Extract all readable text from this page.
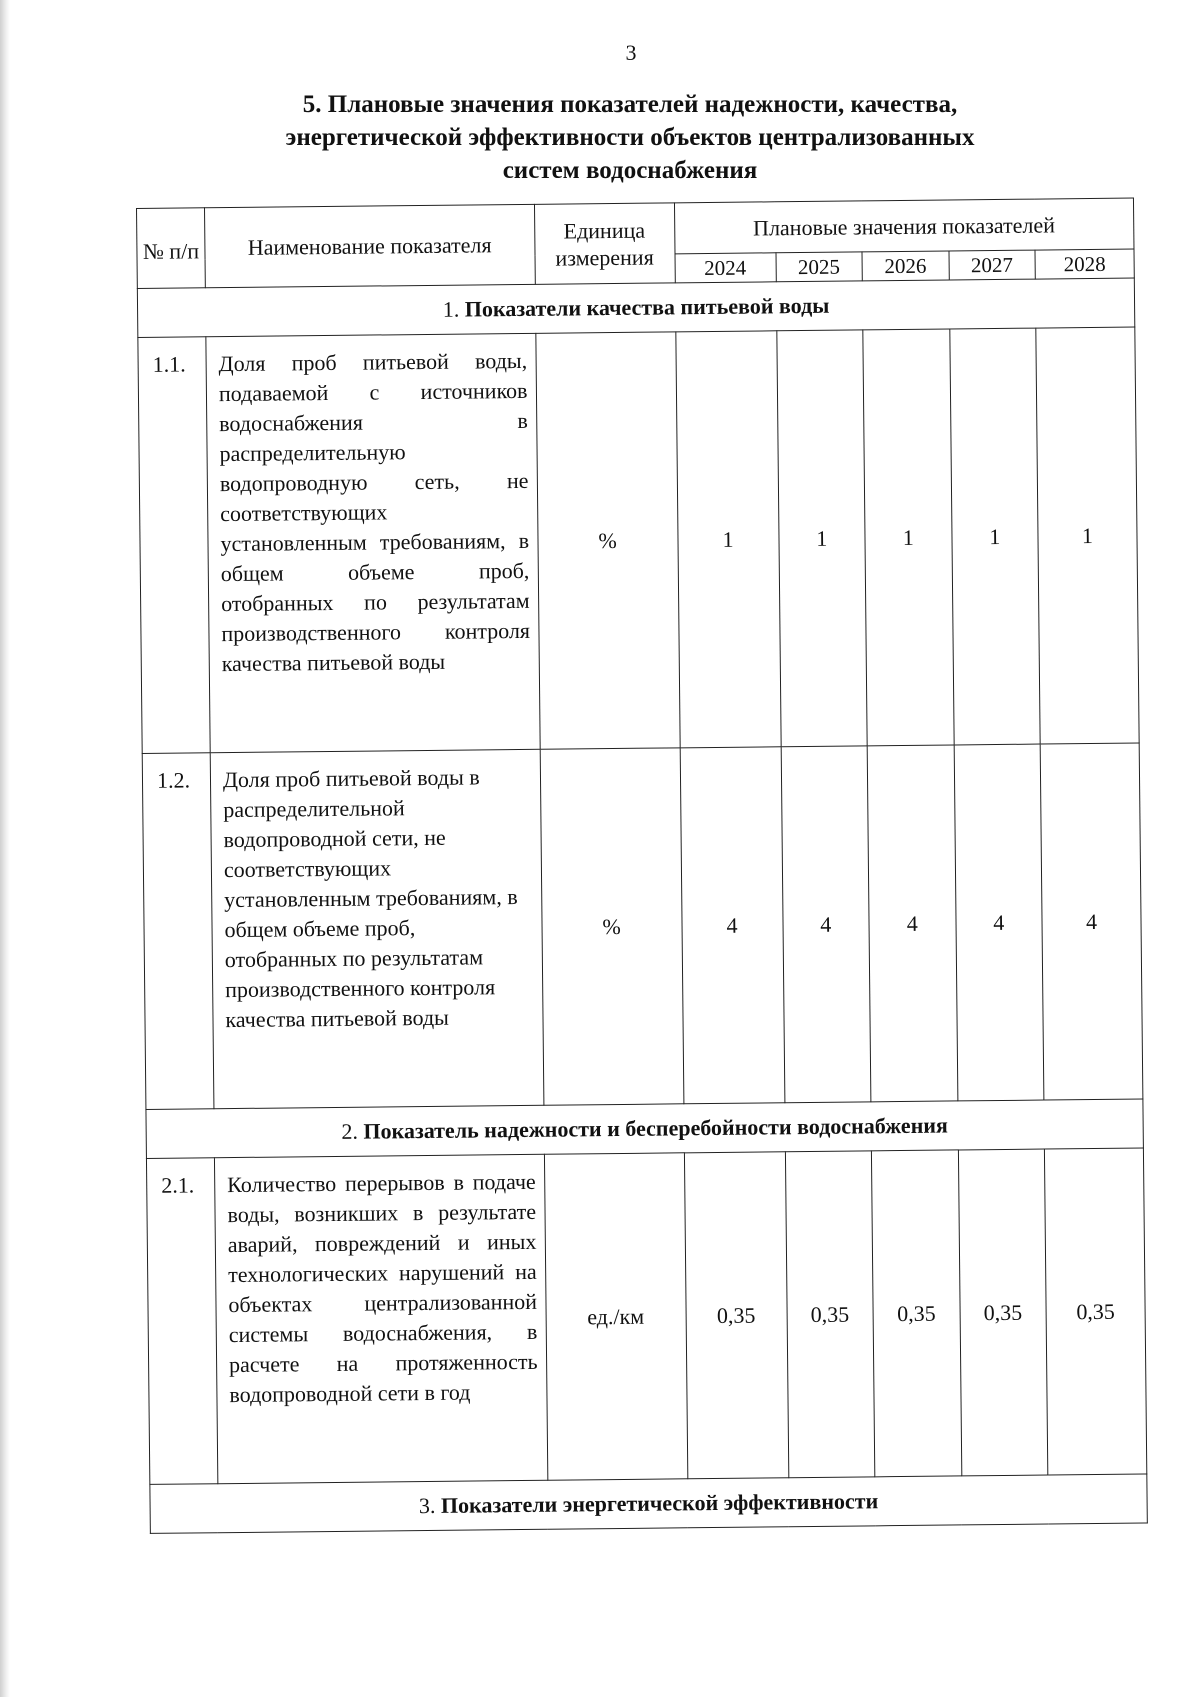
3
5. Плановые значения показателей надежности, качества,
энергетической эффективности объектов централизованных
систем водоснабжения
№ п/п	Наименование показателя	Единица измерения	Плановые значения показателей				
			2024	2025	2026	2027	2028
1. Показатели качества питьевой воды							
1.1.	Доля проб питьевой воды, подаваемой с источников водоснабжения в распределительную водопроводную сеть, не соответствующих установленным требованиям, в общем объеме проб, отобранных по результатам производственного контроля качества питьевой воды	%	1	1	1	1	1
1.2.	Доля проб питьевой воды в распределительной водопроводной сети, не соответствующих установленным требованиям, в общем объеме проб, отобранных по результатам производственного контроля качества питьевой воды	%	4	4	4	4	4
2. Показатель надежности и бесперебойности водоснабжения							
2.1.	Количество перерывов в подаче воды, возникших в результате аварий, повреждений и иных технологических нарушений на объектах централизованной системы водоснабжения, в расчете на протяженность водопроводной сети в год	ед./км	0,35	0,35	0,35	0,35	0,35
3. Показатели энергетической эффективности							
